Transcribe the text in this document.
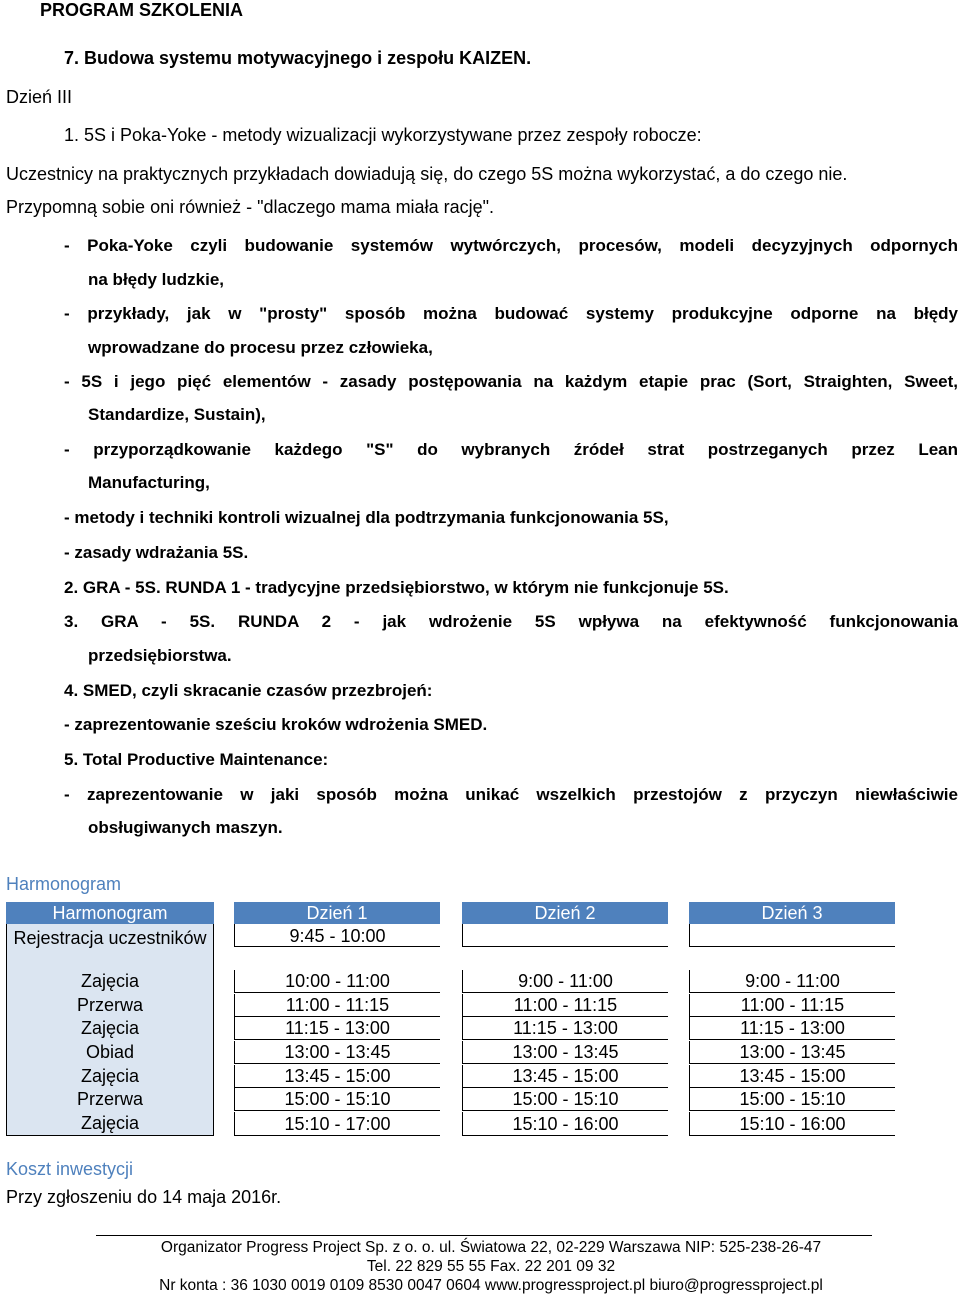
PROGRAM SZKOLENIA
7. Budowa systemu motywacyjnego i zespołu KAIZEN.
Dzień III
1. 5S i Poka-Yoke - metody wizualizacji wykorzystywane przez zespoły robocze:
Uczestnicy na praktycznych przykładach dowiadują się, do czego 5S można wykorzystać, a do czego nie.
Przypomną sobie oni również - "dlaczego mama miała rację".
- Poka-Yoke czyli budowanie systemów wytwórczych, procesów, modeli decyzyjnych odpornych
na błędy ludzkie,
- przykłady, jak w "prosty" sposób można budować systemy produkcyjne odporne na błędy
wprowadzane do procesu przez człowieka,
- 5S i jego pięć elementów - zasady postępowania na każdym etapie prac (Sort, Straighten, Sweet,
Standardize, Sustain),
- przyporządkowanie każdego "S" do wybranych źródeł strat postrzeganych przez Lean
Manufacturing,
- metody i techniki kontroli wizualnej dla podtrzymania funkcjonowania 5S,
- zasady wdrażania 5S.
2. GRA - 5S. RUNDA 1 - tradycyjne przedsiębiorstwo, w którym nie funkcjonuje 5S.
3. GRA - 5S. RUNDA 2 - jak wdrożenie 5S wpływa na efektywność funkcjonowania
przedsiębiorstwa.
4. SMED, czyli skracanie czasów przezbrojeń:
- zaprezentowanie sześciu kroków wdrożenia SMED.
5. Total Productive Maintenance:
- zaprezentowanie w jaki sposób można unikać wszelkich przestojów z przyczyn niewłaściwie
obsługiwanych maszyn.
Harmonogram
Harmonogram	Dzień 1	Dzień 2	Dzień 3
Rejestracja uczestników	9:45 - 10:00
Zajęcia	10:00 - 11:00	9:00 - 11:00	9:00 - 11:00
Przerwa	11:00 - 11:15	11:00 - 11:15	11:00 - 11:15
Zajęcia	11:15 - 13:00	11:15 - 13:00	11:15 - 13:00
Obiad	13:00 - 13:45	13:00 - 13:45	13:00 - 13:45
Zajęcia	13:45 - 15:00	13:45 - 15:00	13:45 - 15:00
Przerwa	15:00 - 15:10	15:00 - 15:10	15:00 - 15:10
Zajęcia	15:10 - 17:00	15:10 - 16:00	15:10 - 16:00
Koszt inwestycji
Przy zgłoszeniu do 14 maja 2016r.
Organizator Progress Project Sp. z o. o. ul. Światowa 22, 02-229 Warszawa NIP: 525-238-26-47
Tel. 22 829 55 55 Fax. 22 201 09 32
Nr konta : 36 1030 0019 0109 8530 0047 0604 www.progressproject.pl biuro@progressproject.pl
